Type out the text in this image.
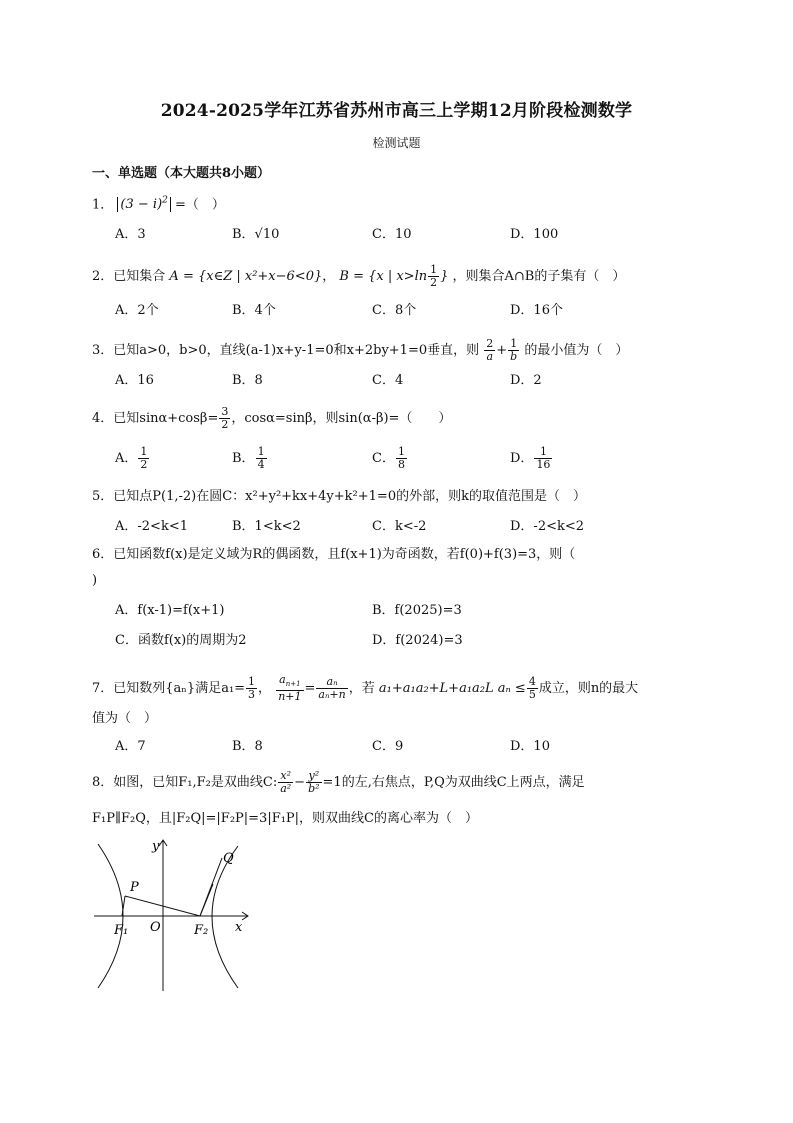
2024-2025学年江苏省苏州市高三上学期12月阶段检测数学
检测试题
一、单选题（本大题共8小题）
1． $(3 - i)^2$ =（　）
A．3	B．√10	C．10	D．100
2．已知集合 A = {x∈Z | x²+x−6<0}， B = {x | $x>\ln \frac{1}{2}$ } ，则集合A∩B的子集有（　）
A．2个	B．4个	C．8个	D．16个
3．已知a>0，b>0，直线(a-1)x+y-1=0和x+2by+1=0垂直，则 $\frac{2}{a} + \frac{1}{b}$ 的最小值为（　）
A．16	B．8	C．4	D．2
4．已知$\sin\alpha+\cos\beta= \frac{3}{2}$ ，cosα=sinβ，则sin(α-β)=（　　）
A． $\frac{1}{2}$	B． $\frac{1}{4}$	C． $\frac{1}{8}$	D． $\frac{1}{16}$
5．已知点P(1,-2)在圆C：x²+y²+kx+4y+k²+1=0的外部，则k的取值范围是（　）
A．-2<k<1	B．1<k<2	C．k<-2	D．-2<k<2
6．已知函数f(x)是定义域为R的偶函数，且f(x+1)为奇函数，若f(0)+f(3)=3，则（
)
A．f(x-1)=f(x+1)	B．f(2025)=3
C．函数f(x)的周期为2	D．f(2024)=3
7．已知数列{aₙ}满足$a_1= \frac{1}{3}$ ， $\frac{a_{n+1}}{n+1} = \frac{\text{aₙ}}{\text{aₙ+n}}$ ，若 a₁+a₁a₂+L+a₁a₂L $a_n \le \frac{4}{5}$ 成立，则n的最大
值为（　）
A．7	B．8	C．9	D．10
8．如图，已知F₁,F₂是双曲线C: $\frac{\text{x²}}{\text{a²}} - \frac{\text{y²}}{\text{b²}} =1$的左,右焦点，P,Q为双曲线C上两点，满足
F₁P∥F₂Q，且|F₂Q|=|F₂P|=3|F₁P|，则双曲线C的离心率为（　）
y
x
O
P
Q
F₁	F₂
